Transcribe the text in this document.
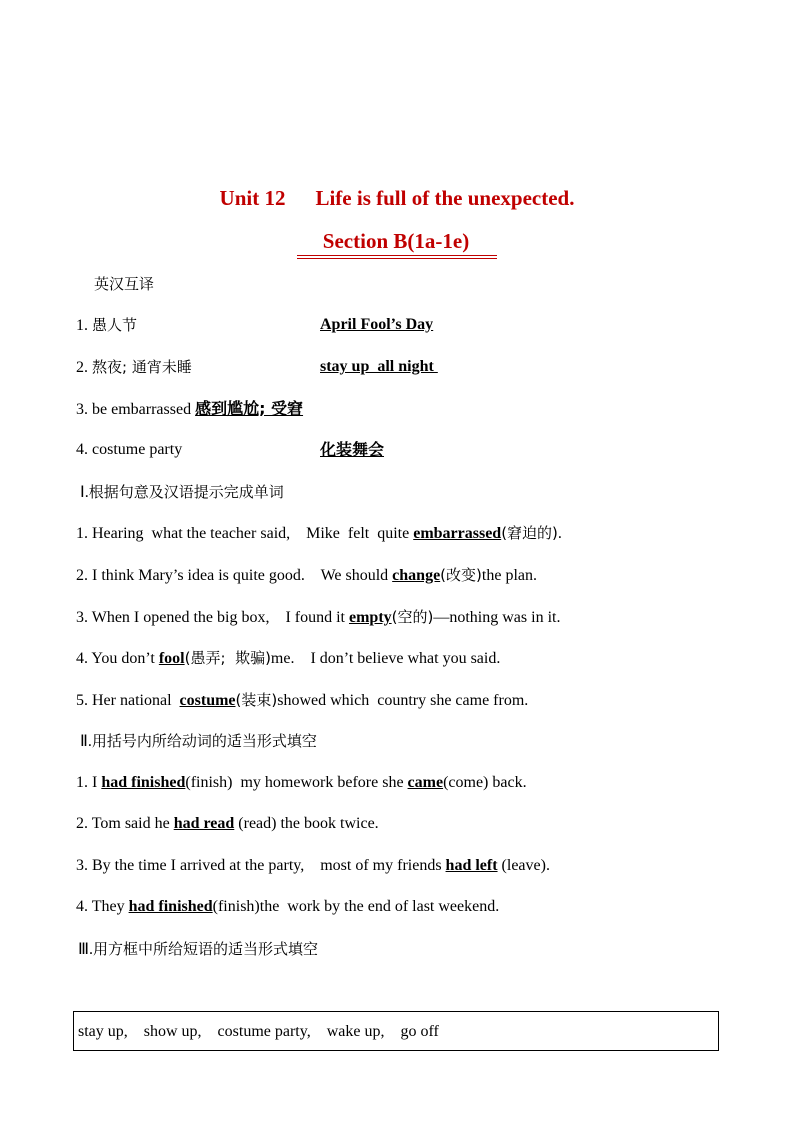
Unit 12 Life is full of the unexpected.
Section B(1a-1e)
英汉互译
1. 愚人节	April Fool’s Day
2. 熬夜; 通宵未睡	stay up  all night
3. be embarrassed 感到尴尬; 受窘
4. costume party	化装舞会
Ⅰ.根据句意及汉语提示完成单词
1. Hearing  what the teacher said,    Mike  felt  quite embarrassed(窘迫的).
2. I think Mary’s idea is quite good.    We should change(改变)the plan.
3. When I opened the big box,    I found it empty(空的)—nothing was in it.
4. You don’t fool(愚弄;  欺骗)me.    I don’t believe what you said.
5. Her national  costume(装束)showed which  country she came from.
Ⅱ.用括号内所给动词的适当形式填空
1. I had finished(finish)  my homework before she came(come) back.
2. Tom said he had read (read) the book twice.
3. By the time I arrived at the party,    most of my friends had left (leave).
4. They had finished(finish)the  work by the end of last weekend.
Ⅲ.用方框中所给短语的适当形式填空
stay up,    show up,    costume party,    wake up,    go off
